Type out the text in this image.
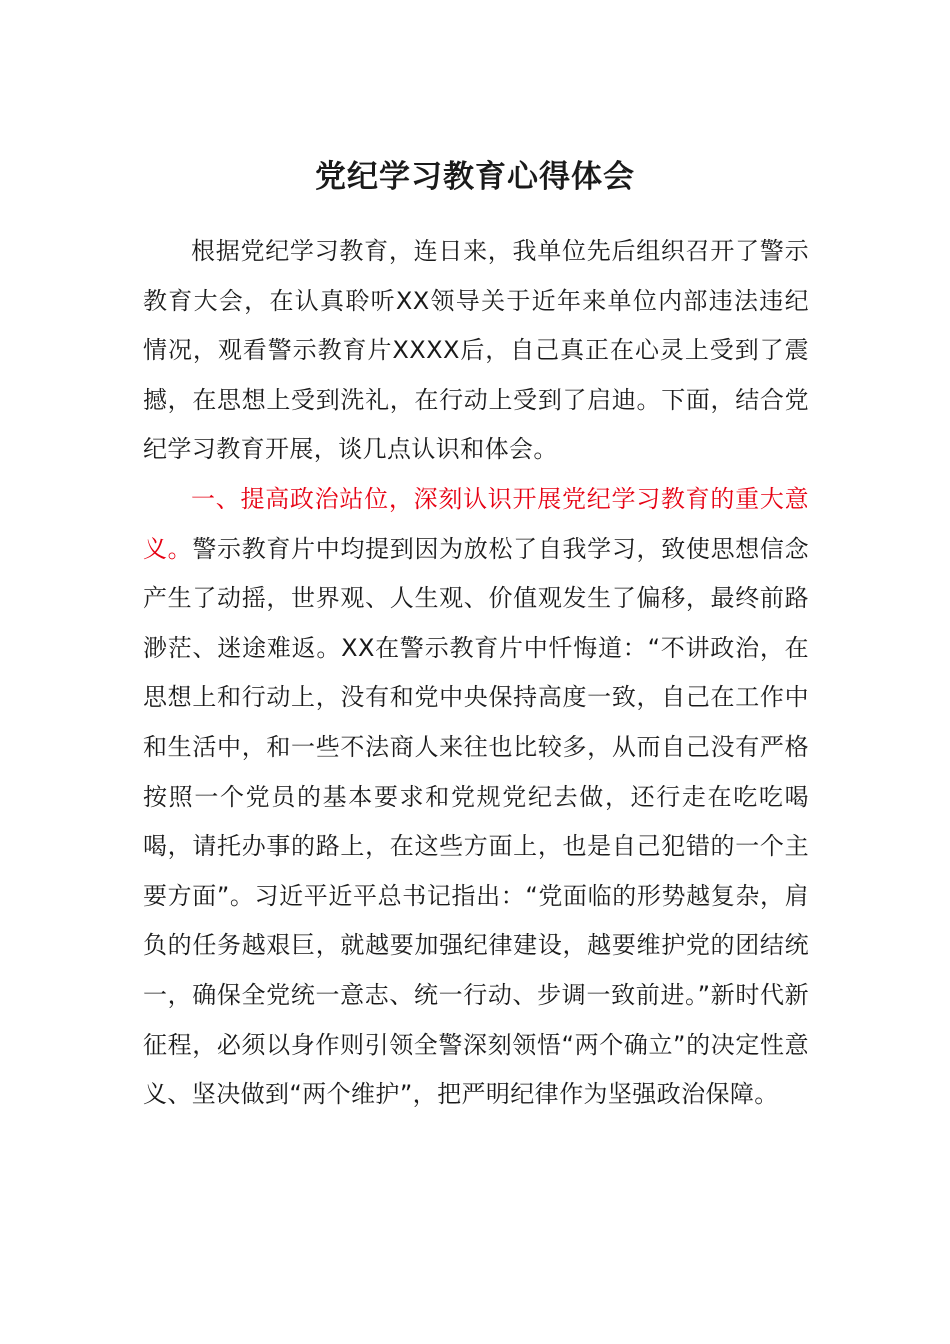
党纪学习教育心得体会

根据党纪学习教育，连日来，我单位先后组织召开了警示教育大会，在认真聆听XX领导关于近年来单位内部违法违纪情况，观看警示教育片XXXX后，自己真正在心灵上受到了震撼，在思想上受到洗礼，在行动上受到了启迪。下面，结合党纪学习教育开展，谈几点认识和体会。

一、提高政治站位，深刻认识开展党纪学习教育的重大意义。警示教育片中均提到因为放松了自我学习，致使思想信念产生了动摇，世界观、人生观、价值观发生了偏移，最终前路渺茫、迷途难返。XX在警示教育片中忏悔道：“不讲政治，在思想上和行动上，没有和党中央保持高度一致，自己在工作中和生活中，和一些不法商人来往也比较多，从而自己没有严格按照一个党员的基本要求和党规党纪去做，还行走在吃吃喝喝，请托办事的路上，在这些方面上，也是自己犯错的一个主要方面”。习近平近平总书记指出：“党面临的形势越复杂，肩负的任务越艰巨，就越要加强纪律建设，越要维护党的团结统一，确保全党统一意志、统一行动、步调一致前进。”新时代新征程，必须以身作则引领全警深刻领悟“两个确立”的决定性意义、坚决做到“两个维护”，把严明纪律作为坚强政治保障。
